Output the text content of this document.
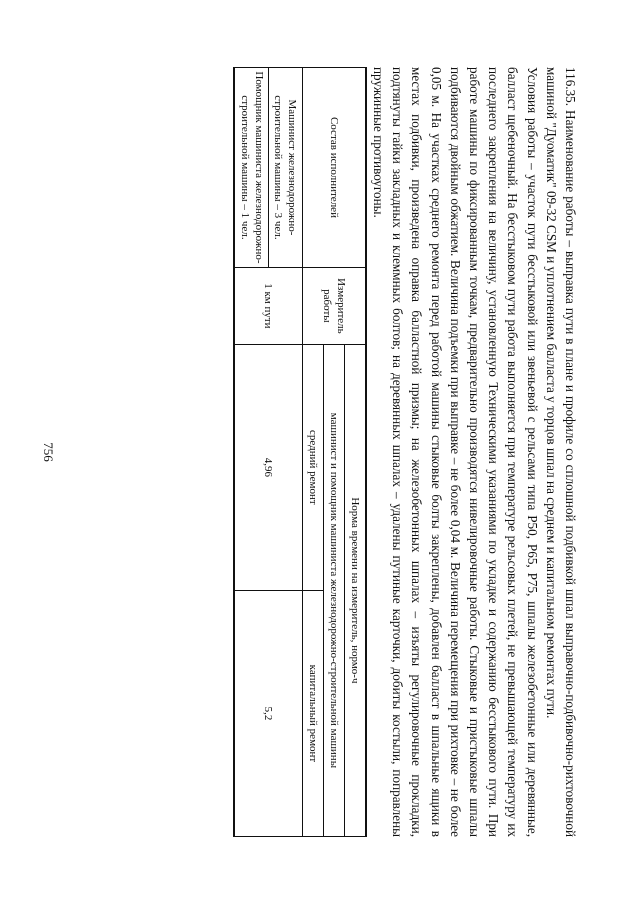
756	116.35. Наименование работы – выправка пути в плане и профиле со сплошной подбивкой шпал выправочно-подбивочно-рихтовочной машиной "Дуоматик" 09-32 CSM и уплотнением балласта у торцов шпал на среднем и капитальном ремонтах пути.

Условия работы – участок пути бесстыковой или звеньевой с рельсами типа Р50, Р65, Р75, шпалы железобетонные или деревянные, балласт щебеночный. На бесстыковом пути работа выполняется при температуре рельсовых плетей, не превышающей температуру их последнего закрепления на величину, установленную Техническими указаниями по укладке и содержанию бесстыкового пути. При работе машины по фиксированным точкам, предварительно производятся нивелировочные работы. Стыковые и пристыковые шпалы подбиваются двойным обжатием. Величина подъемки при выправке – не более 0,04 м. Величина перемещения при рихтовке – не более 0,05 м. На участках среднего ремонта перед работой машины стыковые болты закреплены, добавлен балласт в шпальные ящики в местах подбивки, произведена оправка балластной призмы; на железобетонных шпалах – изъяты регулировочные прокладки, подтянуты гайки закладных и клеммных болтов; на деревянных шпалах – удалены путиные карточки, добиты костыли, поправлены пружинные противоугоны.

Состав исполнителей	Измеритель работы	Норма времени на измеритель, нормо-ч	
		машинист и помощник машиниста железнодорожно-строительной машины	
		средний ремонт	капитальный ремонт

Машинист железнодорожно-строительной машины – 3 чел.
Помощник машиниста железнодорожно-строительной машины – 1 чел.	1 км пути	4,96	5,2
